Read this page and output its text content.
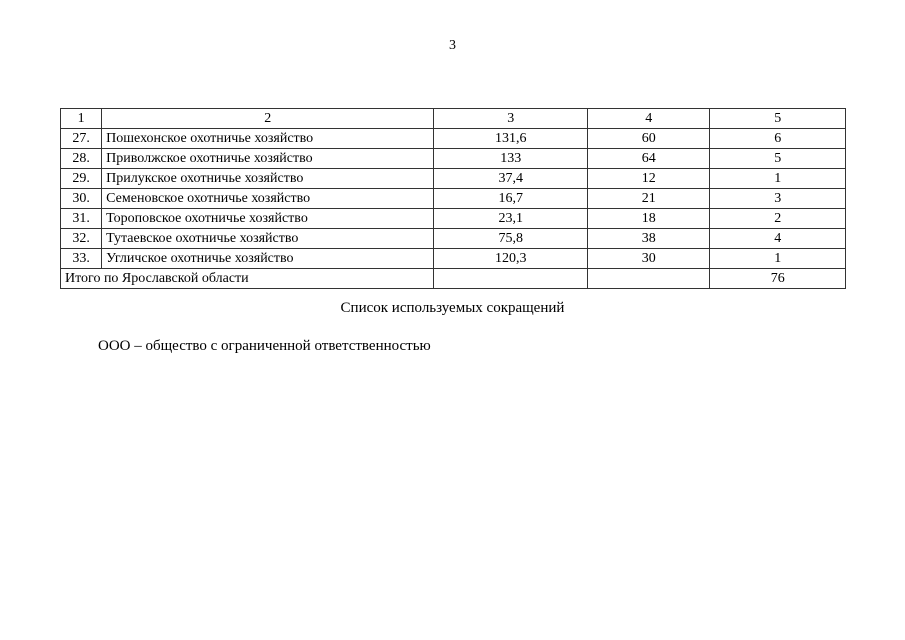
3
1	2	3	4	5
27.	Пошехонское охотничье хозяйство	131,6	60	6
28.	Приволжское охотничье хозяйство	133	64	5
29.	Прилукское охотничье хозяйство	37,4	12	1
30.	Семеновское охотничье хозяйство	16,7	21	3
31.	Тороповское охотничье хозяйство	23,1	18	2
32.	Тутаевское охотничье хозяйство	75,8	38	4
33.	Угличское охотничье хозяйство	120,3	30	1
Итого по Ярославской области				76
Список используемых сокращений
ООО – общество с ограниченной ответственностью
